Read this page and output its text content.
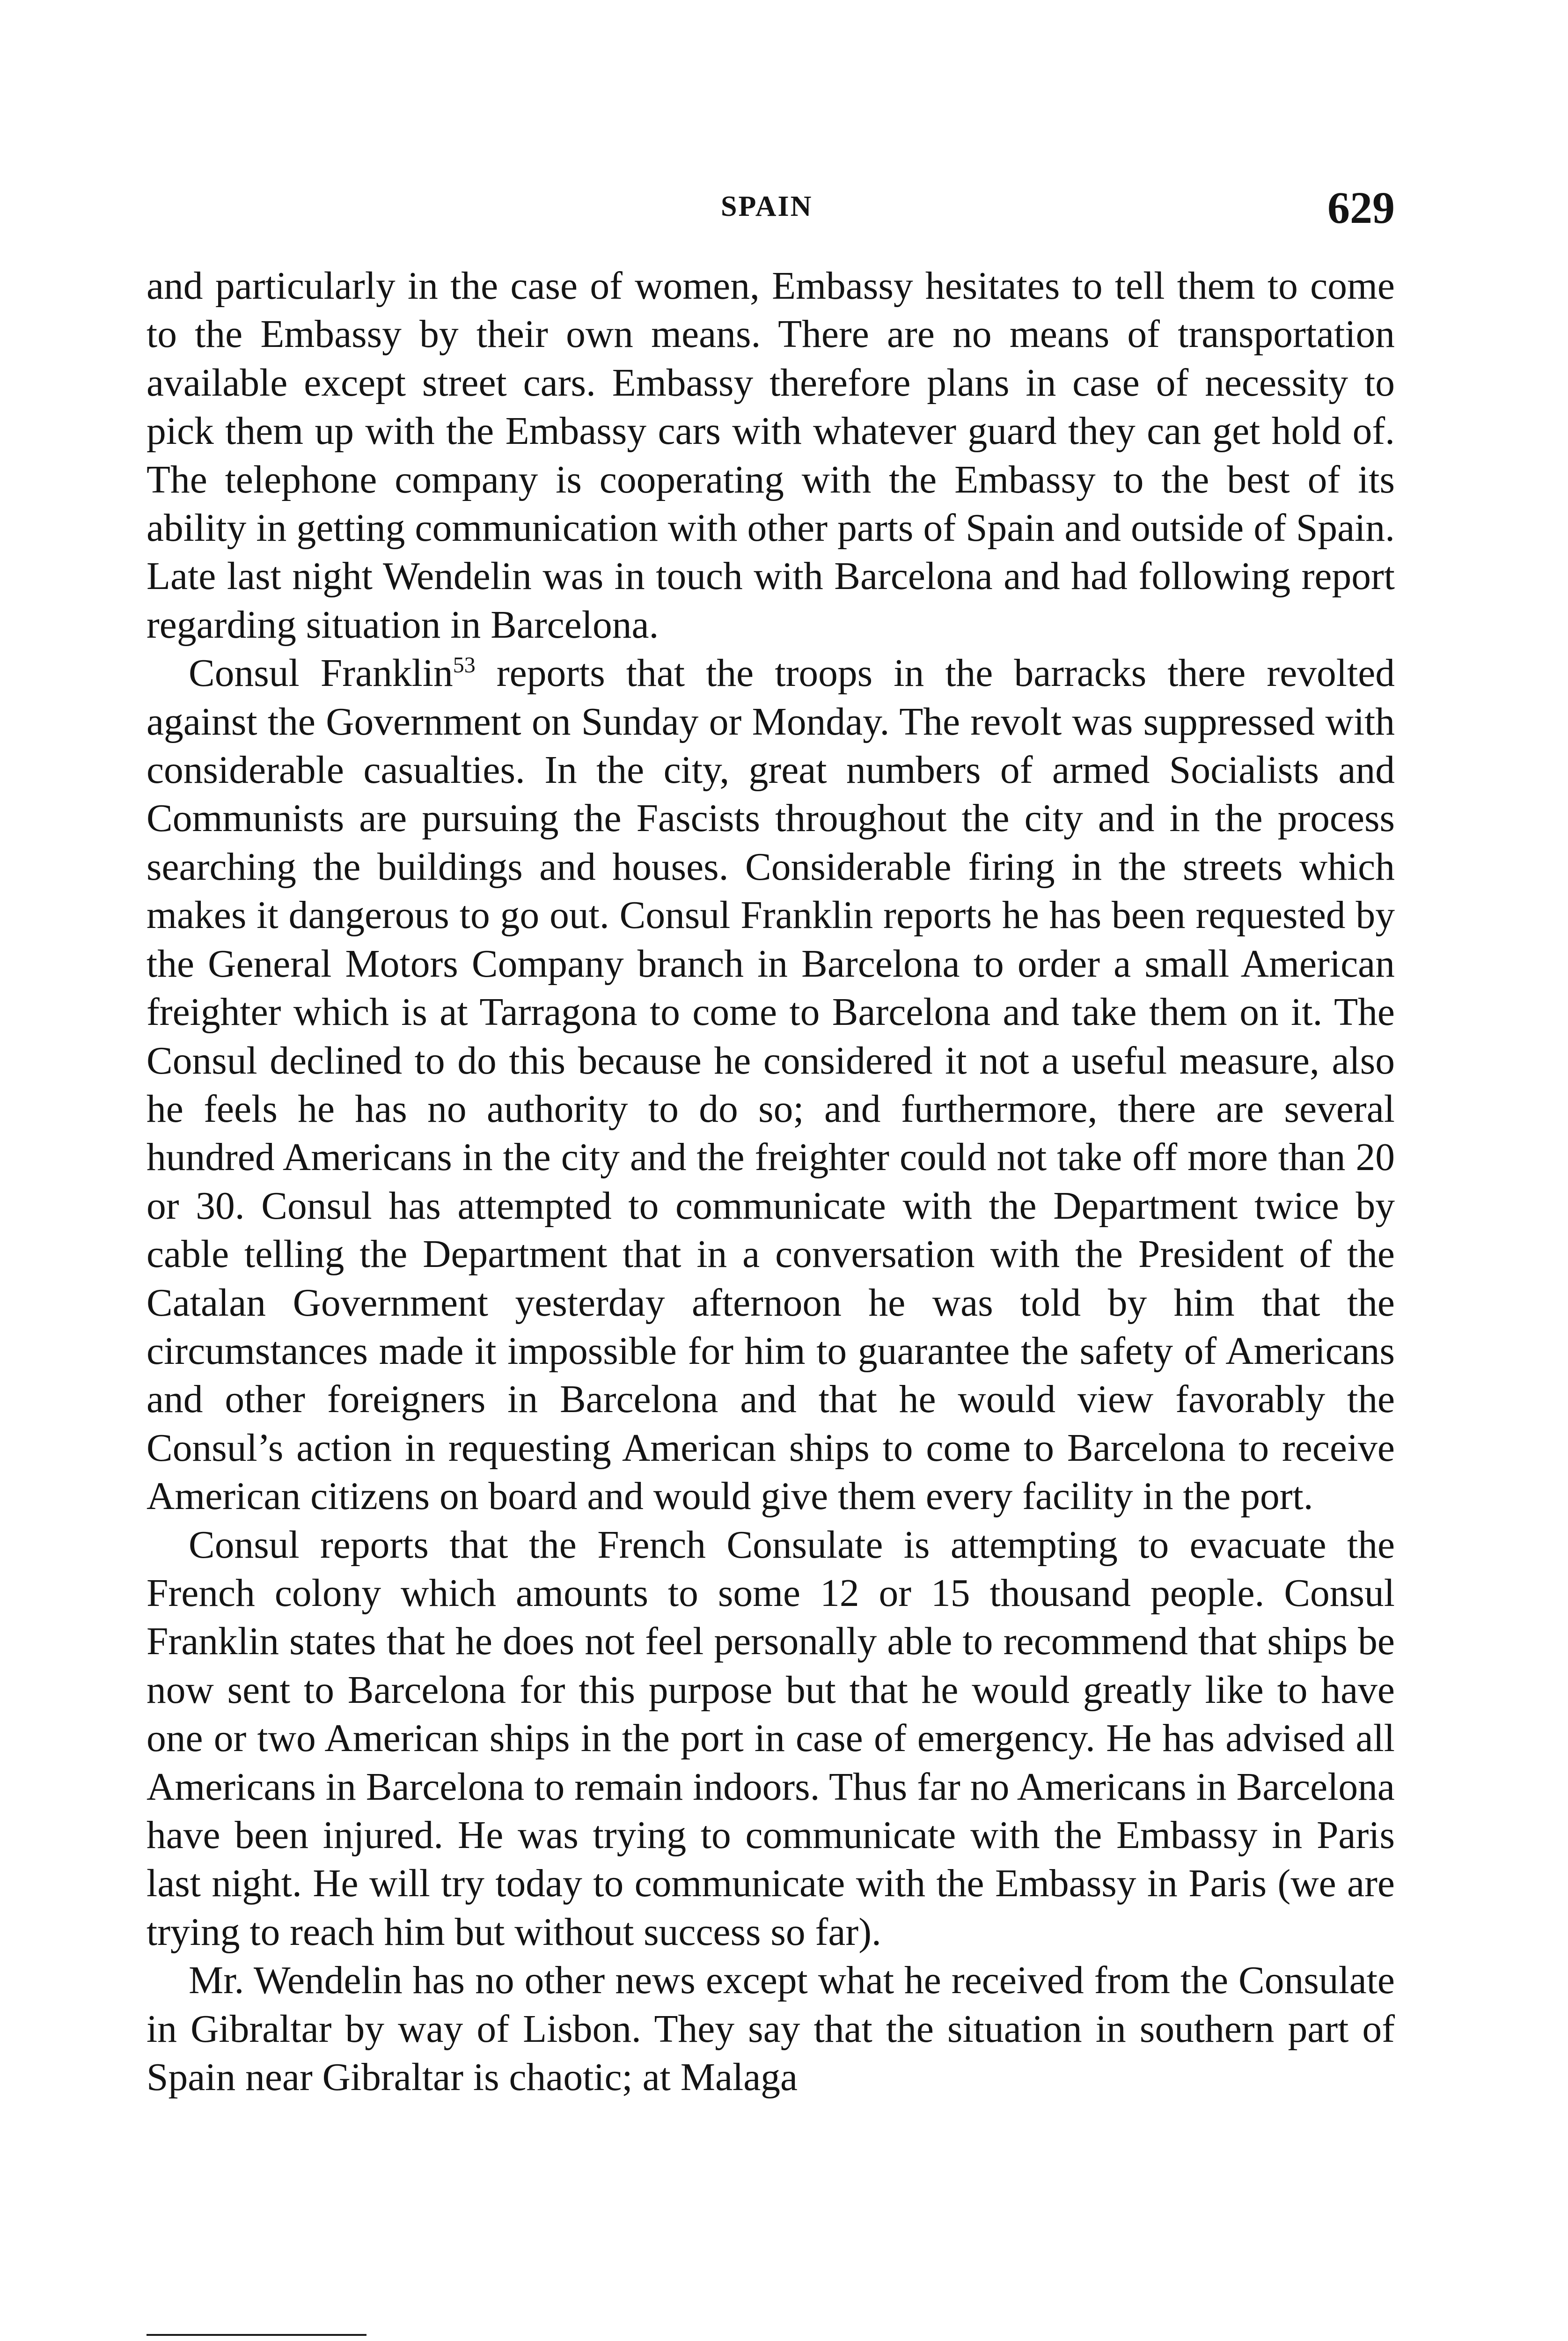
SPAIN	629

and particularly in the case of women, Embassy hesitates to tell them to come to the Embassy by their own means. There are no means of transportation available except street cars. Embassy therefore plans in case of necessity to pick them up with the Embassy cars with whatever guard they can get hold of. The telephone company is cooperating with the Embassy to the best of its ability in getting communication with other parts of Spain and outside of Spain. Late last night Wendelin was in touch with Barcelona and had following report regarding situation in Barcelona.

Consul Franklin$^{53}$ reports that the troops in the barracks there revolted against the Government on Sunday or Monday. The revolt was suppressed with considerable casualties. In the city, great numbers of armed Socialists and Communists are pursuing the Fascists throughout the city and in the process searching the buildings and houses. Considerable firing in the streets which makes it dangerous to go out. Consul Franklin reports he has been requested by the General Motors Company branch in Barcelona to order a small American freighter which is at Tarragona to come to Barcelona and take them on it. The Consul declined to do this because he considered it not a useful measure, also he feels he has no authority to do so; and furthermore, there are several hundred Americans in the city and the freighter could not take off more than 20 or 30. Consul has attempted to communicate with the Department twice by cable telling the Department that in a conversation with the President of the Catalan Government yesterday afternoon he was told by him that the circumstances made it impossible for him to guarantee the safety of Americans and other foreigners in Barcelona and that he would view favorably the Consul’s action in requesting American ships to come to Barcelona to receive American citizens on board and would give them every facility in the port.

Consul reports that the French Consulate is attempting to evacuate the French colony which amounts to some 12 or 15 thousand people. Consul Franklin states that he does not feel personally able to recommend that ships be now sent to Barcelona for this purpose but that he would greatly like to have one or two American ships in the port in case of emergency. He has advised all Americans in Barcelona to remain indoors. Thus far no Americans in Barcelona have been injured. He was trying to communicate with the Embassy in Paris last night. He will try today to communicate with the Embassy in Paris (we are trying to reach him but without success so far).

Mr. Wendelin has no other news except what he received from the Consulate in Gibraltar by way of Lisbon. They say that the situation in southern part of Spain near Gibraltar is chaotic; at Malaga
